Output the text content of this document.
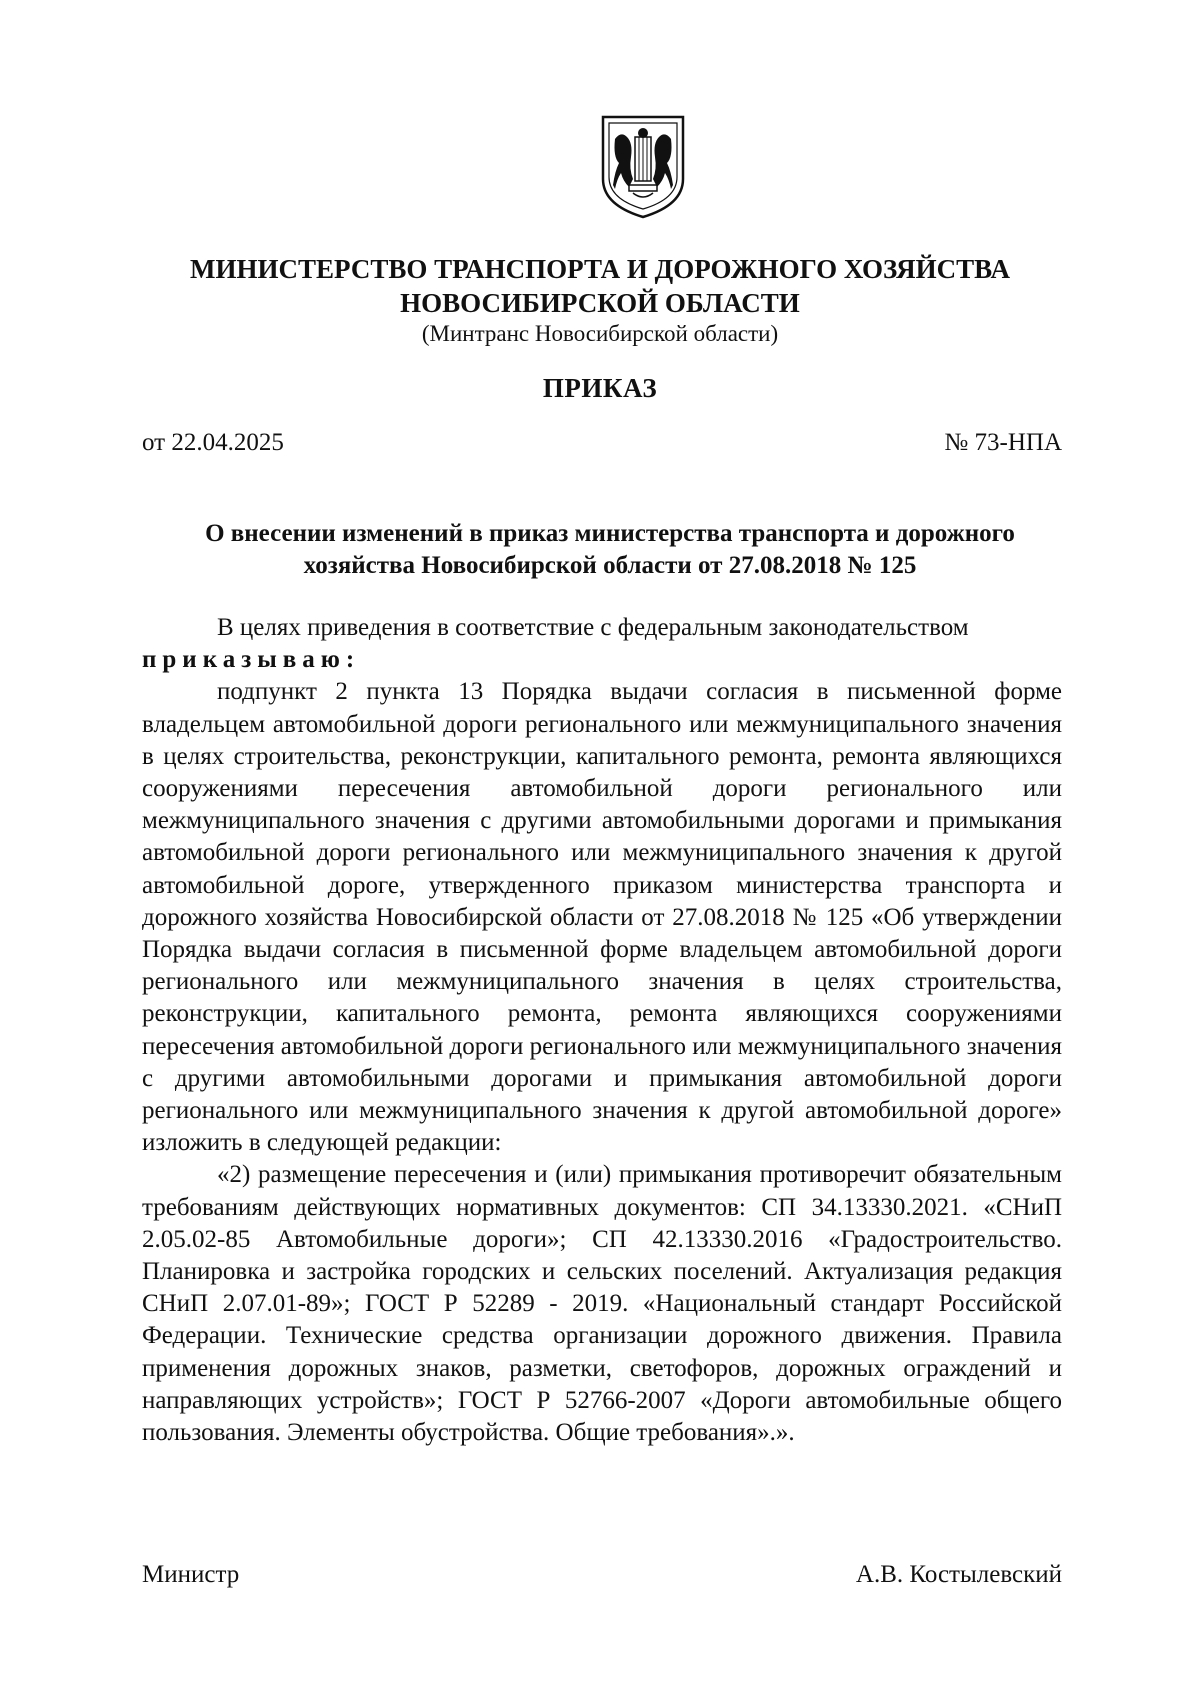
МИНИСТЕРСТВО ТРАНСПОРТА И ДОРОЖНОГО ХОЗЯЙСТВА
НОВОСИБИРСКОЙ ОБЛАСТИ
(Минтранс Новосибирской области)
ПРИКАЗ
от 22.04.2025	№ 73-НПА
О внесении изменений в приказ министерства транспорта и дорожного хозяйства Новосибирской области от 27.08.2018 № 125

В целях приведения в соответствие с федеральным законодательством

приказываю:

подпункт 2 пункта 13 Порядка выдачи согласия в письменной форме владельцем автомобильной дороги регионального или межмуниципального значения в целях строительства, реконструкции, капитального ремонта, ремонта являющихся сооружениями пересечения автомобильной дороги регионального или межмуниципального значения с другими автомобильными дорогами и примыкания автомобильной дороги регионального или межмуниципального значения к другой автомобильной дороге, утвержденного приказом министерства транспорта и дорожного хозяйства Новосибирской области от 27.08.2018 № 125 «Об утверждении Порядка выдачи согласия в письменной форме владельцем автомобильной дороги регионального или межмуниципального значения в целях строительства, реконструкции, капитального ремонта, ремонта являющихся сооружениями пересечения автомобильной дороги регионального или межмуниципального значения с другими автомобильными дорогами и примыкания автомобильной дороги регионального или межмуниципального значения к другой автомобильной дороге» изложить в следующей редакции:

«2) размещение пересечения и (или) примыкания противоречит обязательным требованиям действующих нормативных документов: СП 34.13330.2021. «СНиП 2.05.02-85 Автомобильные дороги»; СП 42.13330.2016 «Градостроительство. Планировка и застройка городских и сельских поселений. Актуализация редакция СНиП 2.07.01-89»; ГОСТ Р 52289 - 2019. «Национальный стандарт Российской Федерации. Технические средства организации дорожного движения. Правила применения дорожных знаков, разметки, светофоров, дорожных ограждений и направляющих устройств»; ГОСТ Р 52766-2007 «Дороги автомобильные общего пользования. Элементы обустройства. Общие требования».».

Министр	А.В. Костылевский
